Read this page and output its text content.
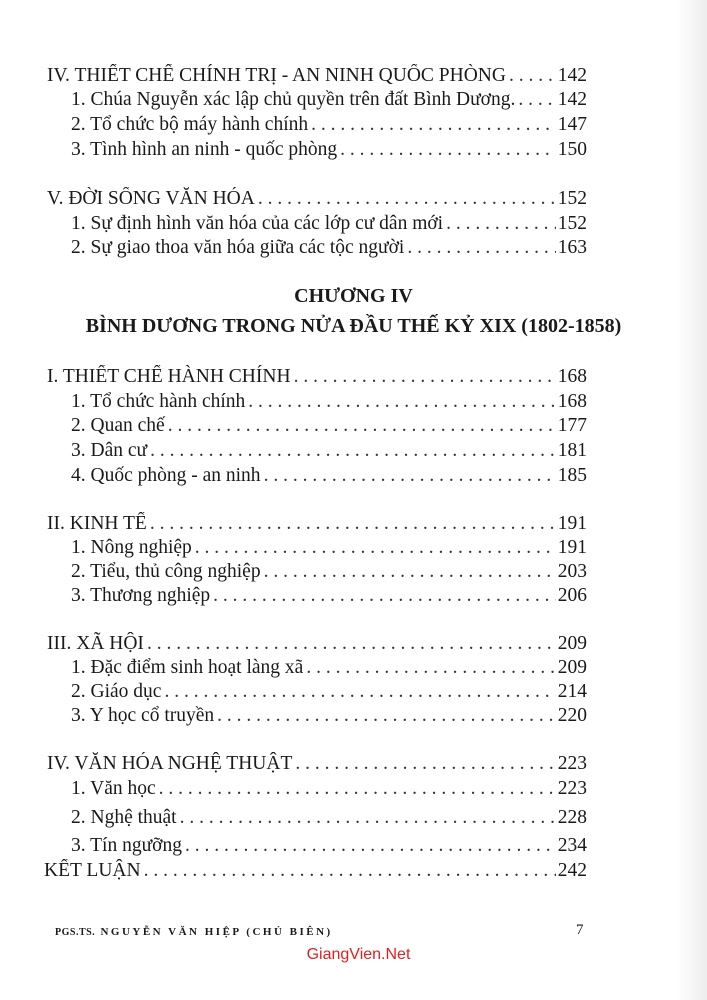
IV. THIẾT CHẾ CHÍNH TRỊ - AN NINH QUỐC PHÒNG . . .	142
1. Chúa Nguyễn xác lập chủ quyền trên đất Bình Dương. . . . 142
2. Tổ chức bộ máy hành chính . . .	147
3. Tình hình an ninh - quốc phòng . . .	150
V. ĐỜI SỐNG VĂN HÓA . . .	152
1. Sự định hình văn hóa của các lớp cư dân mới . . .	152
2. Sự giao thoa văn hóa giữa các tộc người . . .	163
CHƯƠNG IV
BÌNH DƯƠNG TRONG NỬA ĐẦU THẾ KỶ XIX (1802-1858)
I. THIẾT CHẾ HÀNH CHÍNH . . .	168
1. Tổ chức hành chính . . .	168
2. Quan chế . . .	177
3. Dân cư . . .	181
4. Quốc phòng - an ninh . . .	185
II. KINH TẾ . . .	191
1. Nông nghiệp . . .	191
2. Tiểu, thủ công nghiệp . . .	203
3. Thương nghiệp . . .	206
III. XÃ HỘI . . .	209
1. Đặc điểm sinh hoạt làng xã . . .	209
2. Giáo dục . . .	214
3. Y học cổ truyền . . .	220
IV. VĂN HÓA NGHỆ THUẬT . . .	223
1. Văn học . . .	223
2. Nghệ thuật . . .	228
3. Tín ngưỡng . . .	234
KẾT LUẬN . . .	242
PGS.TS. NGUYỄN VĂN HIỆP (CHỦ BIÊN)	7
GiangVien.Net
